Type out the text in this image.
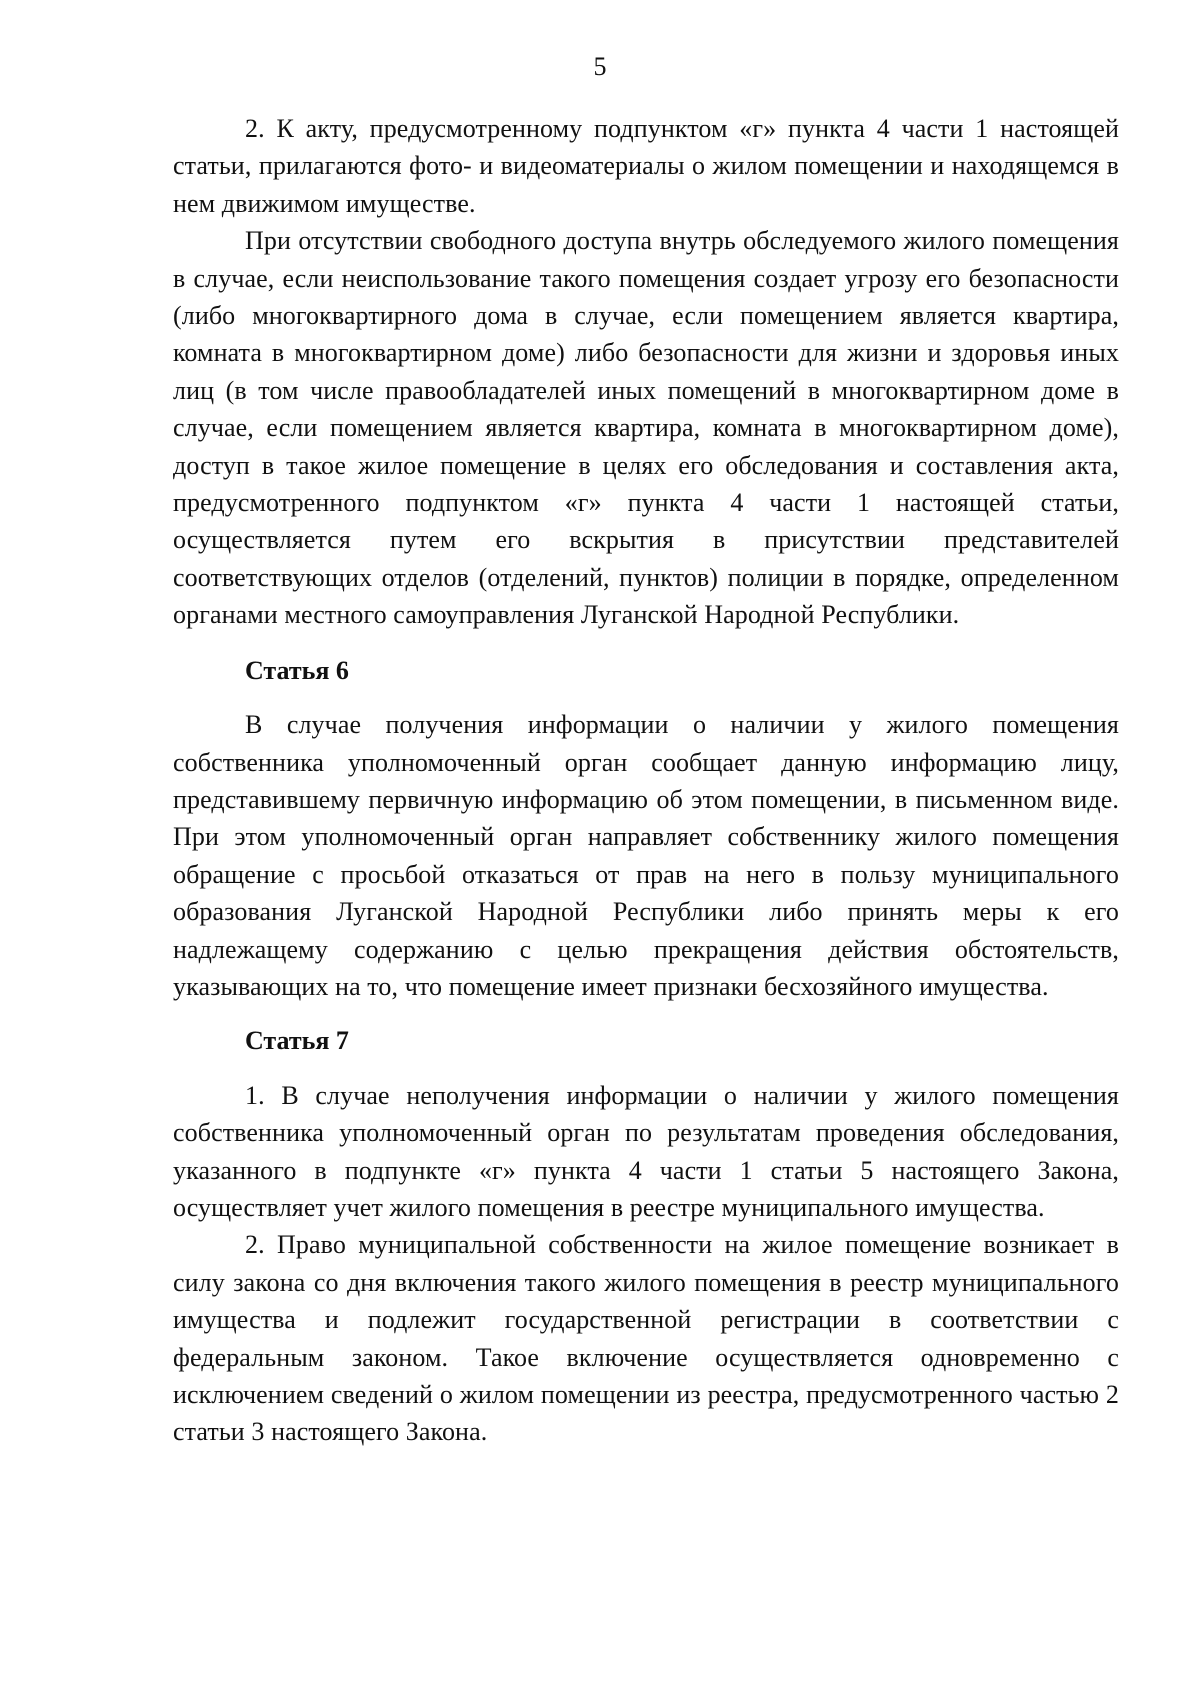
5

2. К акту, предусмотренному подпунктом «г» пункта 4 части 1 настоящей статьи, прилагаются фото- и видеоматериалы о жилом помещении и находящемся в нем движимом имуществе.

При отсутствии свободного доступа внутрь обследуемого жилого помещения в случае, если неиспользование такого помещения создает угрозу его безопасности (либо многоквартирного дома в случае, если помещением является квартира, комната в многоквартирном доме) либо безопасности для жизни и здоровья иных лиц (в том числе правообладателей иных помещений в многоквартирном доме в случае, если помещением является квартира, комната в многоквартирном доме), доступ в такое жилое помещение в целях его обследования и составления акта, предусмотренного подпунктом «г» пункта 4 части 1 настоящей статьи, осуществляется путем его вскрытия в присутствии представителей соответствующих отделов (отделений, пунктов) полиции в порядке, определенном органами местного самоуправления Луганской Народной Республики.

Статья 6

В случае получения информации о наличии у жилого помещения собственника уполномоченный орган сообщает данную информацию лицу, представившему первичную информацию об этом помещении, в письменном виде. При этом уполномоченный орган направляет собственнику жилого помещения обращение с просьбой отказаться от прав на него в пользу муниципального образования Луганской Народной Республики либо принять меры к его надлежащему содержанию с целью прекращения действия обстоятельств, указывающих на то, что помещение имеет признаки бесхозяйного имущества.

Статья 7

1. В случае неполучения информации о наличии у жилого помещения собственника уполномоченный орган по результатам проведения обследования, указанного в подпункте «г» пункта 4 части 1 статьи 5 настоящего Закона, осуществляет учет жилого помещения в реестре муниципального имущества.

2. Право муниципальной собственности на жилое помещение возникает в силу закона со дня включения такого жилого помещения в реестр муниципального имущества и подлежит государственной регистрации в соответствии с федеральным законом. Такое включение осуществляется одновременно с исключением сведений о жилом помещении из реестра, предусмотренного частью 2 статьи 3 настоящего Закона.
